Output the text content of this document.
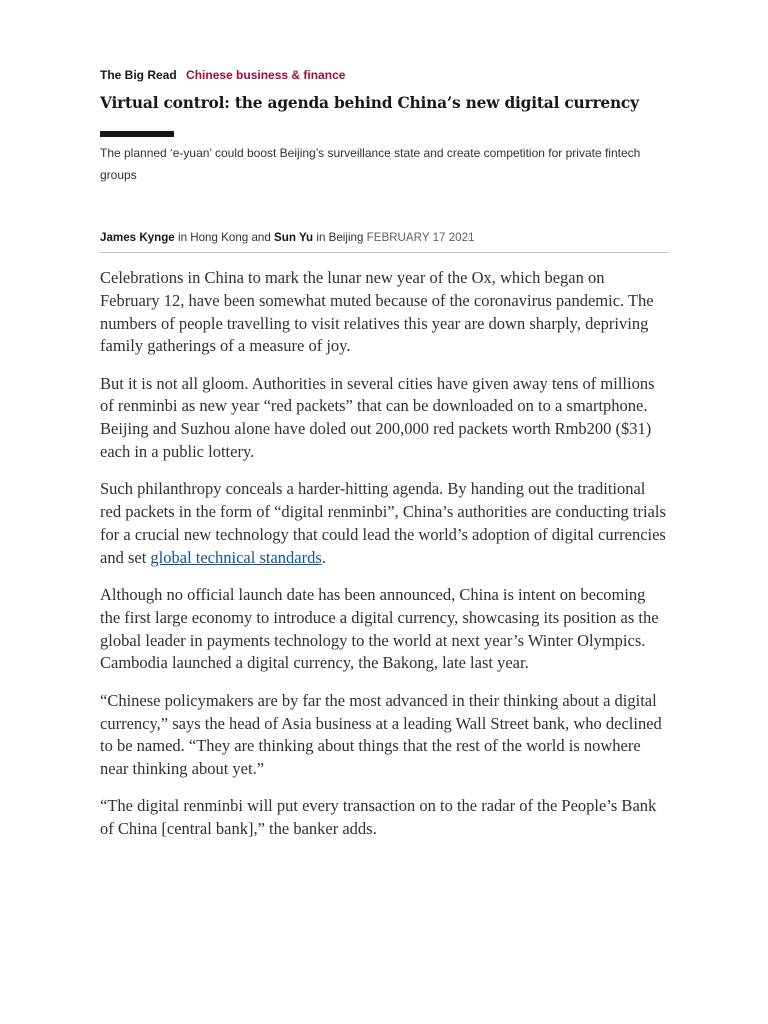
The Big Read Chinese business & finance
Virtual control: the agenda behind China’s new digital currency

The planned ‘e-yuan’ could boost Beijing’s surveillance state and create competition for private fintech groups

James Kynge in Hong Kong and Sun Yu in Beijing FEBRUARY 17 2021

Celebrations in China to mark the lunar new year of the Ox, which began on February 12, have been somewhat muted because of the coronavirus pandemic. The numbers of people travelling to visit relatives this year are down sharply, depriving family gatherings of a measure of joy.

But it is not all gloom. Authorities in several cities have given away tens of millions of renminbi as new year “red packets” that can be downloaded on to a smartphone. Beijing and Suzhou alone have doled out 200,000 red packets worth Rmb200 ($31) each in a public lottery.

Such philanthropy conceals a harder-hitting agenda. By handing out the traditional red packets in the form of “digital renminbi”, China’s authorities are conducting trials for a crucial new technology that could lead the world’s adoption of digital currencies and set global technical standards.

Although no official launch date has been announced, China is intent on becoming the first large economy to introduce a digital currency, showcasing its position as the global leader in payments technology to the world at next year’s Winter Olympics. Cambodia launched a digital currency, the Bakong, late last year.

“Chinese policymakers are by far the most advanced in their thinking about a digital currency,” says the head of Asia business at a leading Wall Street bank, who declined to be named. “They are thinking about things that the rest of the world is nowhere near thinking about yet.”

“The digital renminbi will put every transaction on to the radar of the People’s Bank of China [central bank],” the banker adds.
